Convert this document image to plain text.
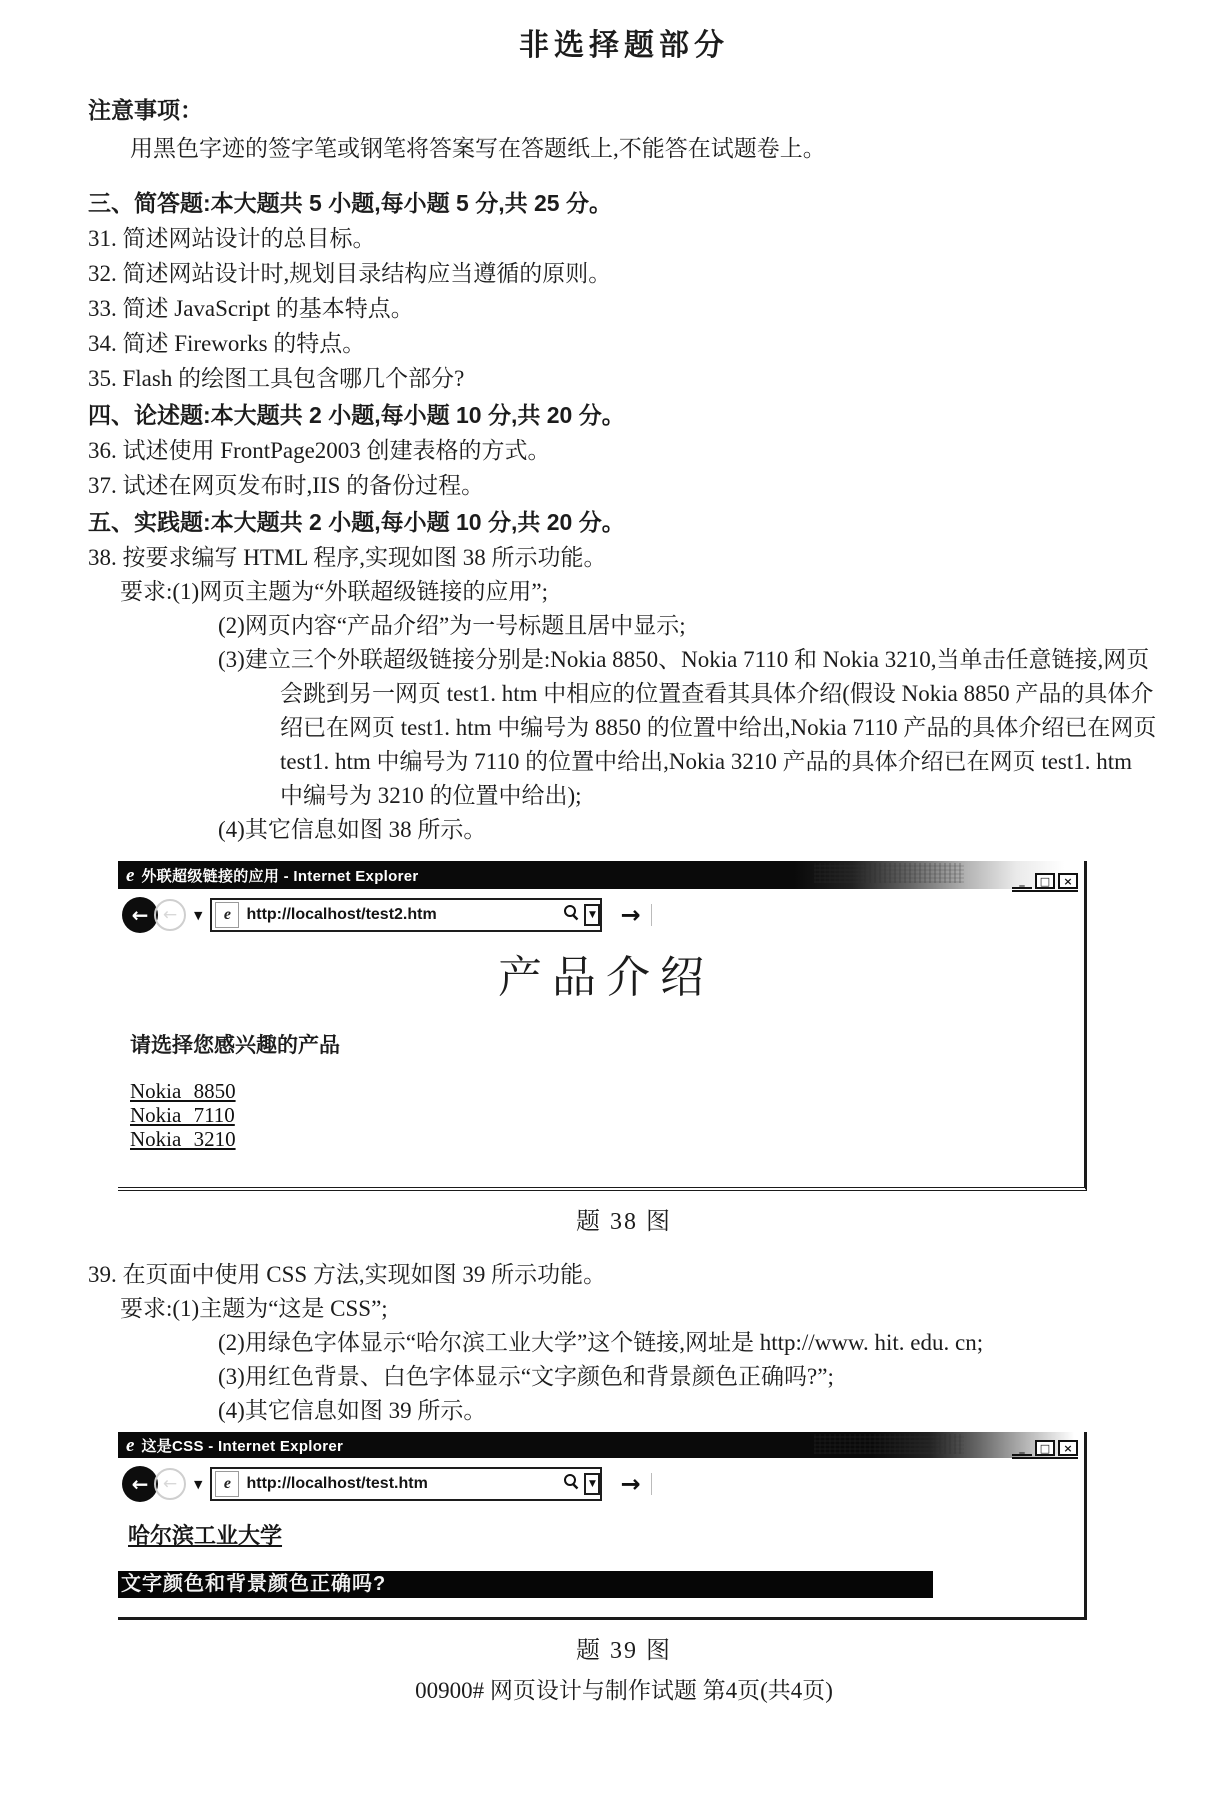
非选择题部分
注意事项：

用黑色字迹的签字笔或钢笔将答案写在答题纸上,不能答在试题卷上。

三、简答题:本大题共 5 小题,每小题 5 分,共 25 分。
31. 简述网站设计的总目标。
32. 简述网站设计时,规划目录结构应当遵循的原则。
33. 简述 JavaScript 的基本特点。
34. 简述 Fireworks 的特点。
35. Flash 的绘图工具包含哪几个部分?
四、论述题:本大题共 2 小题,每小题 10 分,共 20 分。
36. 试述使用 FrontPage2003 创建表格的方式。
37. 试述在网页发布时,IIS 的备份过程。
五、实践题:本大题共 2 小题,每小题 10 分,共 20 分。
38. 按要求编写 HTML 程序,实现如图 38 所示功能。
要求:(1)网页主题为“外联超级链接的应用”;
(2)网页内容“产品介绍”为一号标题且居中显示;
(3)建立三个外联超级链接分别是:Nokia 8850、Nokia 7110 和 Nokia 3210,当单击任意链接,网页会跳到另一网页 test1. htm 中相应的位置查看其具体介绍(假设 Nokia 8850 产品的具体介绍已在网页 test1. htm 中编号为 8850 的位置中给出,Nokia 7110 产品的具体介绍已在网页 test1. htm 中编号为 7110 的位置中给出,Nokia 3210 产品的具体介绍已在网页 test1. htm 中编号为 3210 的位置中给出);
(4)其它信息如图 38 所示。
e 外联超级链接的应用 - Internet Explorer	_	□	×
← ← ▼	e http://localhost/test2.htm	▼ →
产品介绍
请选择您感兴趣的产品
Nokia 8850
Nokia 7110
Nokia 3210
题 38 图
39. 在页面中使用 CSS 方法,实现如图 39 所示功能。
要求:(1)主题为“这是 CSS”;
(2)用绿色字体显示“哈尔滨工业大学”这个链接,网址是 http://www. hit. edu. cn;
(3)用红色背景、白色字体显示“文字颜色和背景颜色正确吗?”;
(4)其它信息如图 39 所示。
e 这是CSS - Internet Explorer	_	□	×
← ← ▼	e http://localhost/test.htm	▼ →
哈尔滨工业大学
文字颜色和背景颜色正确吗?
题 39 图
00900# 网页设计与制作试题 第4页(共4页)
